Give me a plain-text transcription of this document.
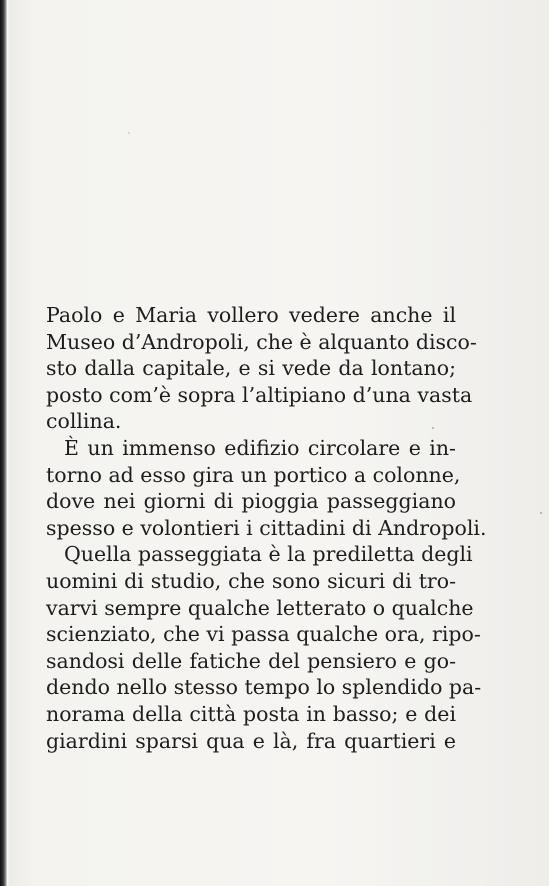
Paolo e Maria vollero vedere anche il
Museo d’Andropoli, che è alquanto disco-
sto dalla capitale, e si vede da lontano;
posto com’è sopra l’altipiano d’una vasta
collina.
È un immenso edifizio circolare e in-
torno ad esso gira un portico a colonne,
dove nei giorni di pioggia passeggiano
spesso e volontieri i cittadini di Andropoli.
Quella passeggiata è la prediletta degli
uomini di studio, che sono sicuri di tro-
varvi sempre qualche letterato o qualche
scienziato, che vi passa qualche ora, ripo-
sandosi delle fatiche del pensiero e go-
dendo nello stesso tempo lo splendido pa-
norama della città posta in basso; e dei
giardini sparsi qua e là, fra quartieri e
